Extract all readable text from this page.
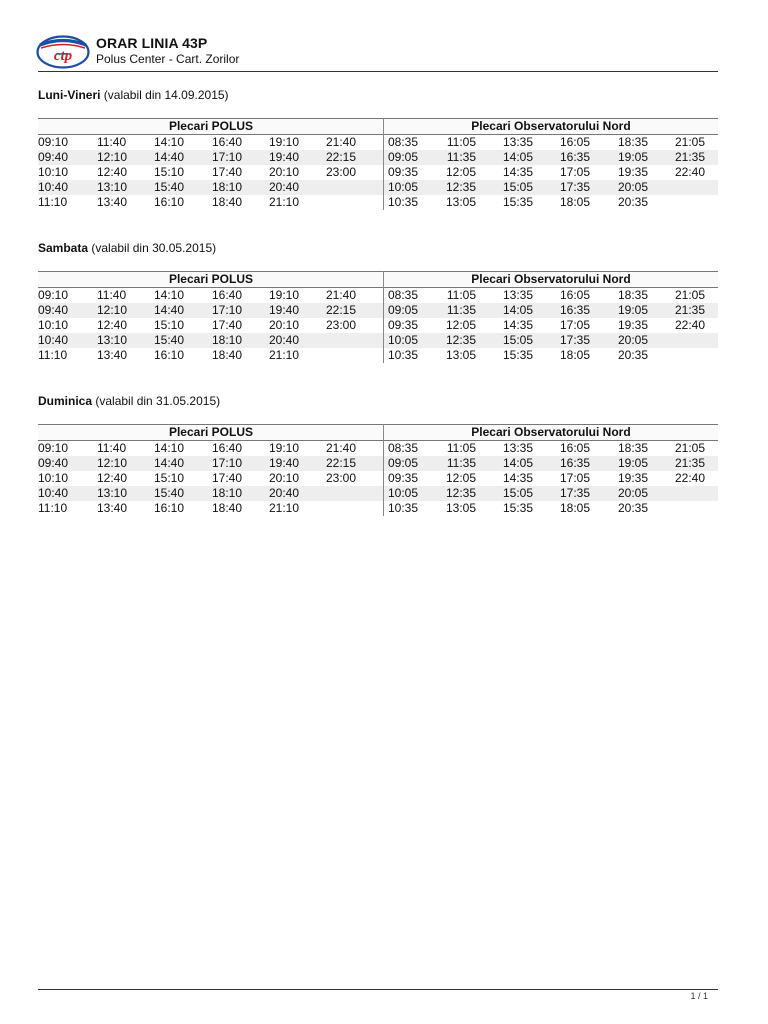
ctp
ORAR LINIA 43P
Polus Center - Cart. Zorilor
Luni-Vineri (valabil din 14.09.2015)
Plecari POLUS	Plecari Observatorului Nord
09:10 11:40 14:10 16:40 19:10 21:40	08:35	11:05	13:35	16:05	18:35	21:05
09:40 12:10 14:40 17:10 19:40 22:15	09:05	11:35	14:05	16:35	19:05	21:35
10:10 12:40 15:10 17:40 20:10 23:00	09:35	12:05	14:35	17:05	19:35	22:40
10:40 13:10 15:40 18:10 20:40	10:05	12:35	15:05	17:35	20:05
11:10 13:40 16:10 18:40 21:10	10:35	13:05	15:35	18:05	20:35
Sambata (valabil din 30.05.2015)
Plecari POLUS	Plecari Observatorului Nord
09:10 11:40 14:10 16:40 19:10 21:40	08:35	11:05	13:35	16:05	18:35	21:05
09:40 12:10 14:40 17:10 19:40 22:15	09:05	11:35	14:05	16:35	19:05	21:35
10:10 12:40 15:10 17:40 20:10 23:00	09:35	12:05	14:35	17:05	19:35	22:40
10:40 13:10 15:40 18:10 20:40	10:05	12:35	15:05	17:35	20:05
11:10 13:40 16:10 18:40 21:10	10:35	13:05	15:35	18:05	20:35
Duminica (valabil din 31.05.2015)
Plecari POLUS	Plecari Observatorului Nord
09:10 11:40 14:10 16:40 19:10 21:40	08:35	11:05	13:35	16:05	18:35	21:05
09:40 12:10 14:40 17:10 19:40 22:15	09:05	11:35	14:05	16:35	19:05	21:35
10:10 12:40 15:10 17:40 20:10 23:00	09:35	12:05	14:35	17:05	19:35	22:40
10:40 13:10 15:40 18:10 20:40	10:05	12:35	15:05	17:35	20:05
11:10 13:40 16:10 18:40 21:10	10:35	13:05	15:35	18:05	20:35
1 / 1
